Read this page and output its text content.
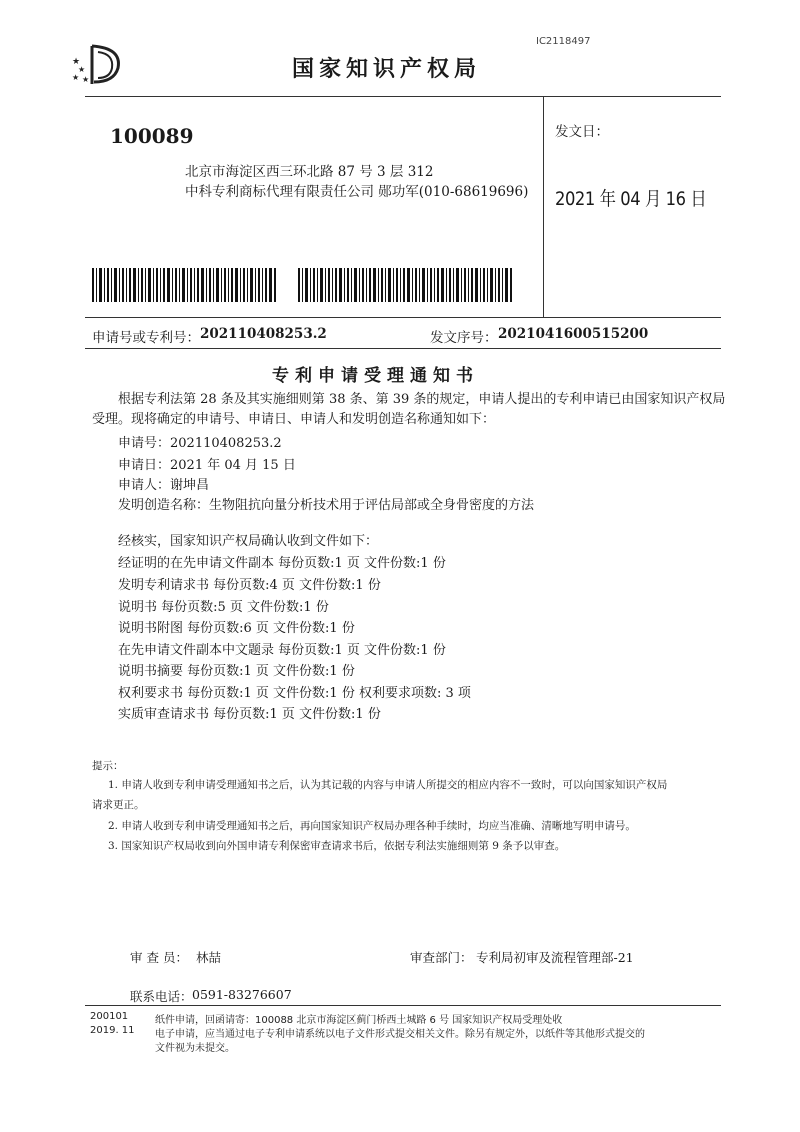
IC2118497
★
★
★ ★	国家知识产权局
100089
北京市海淀区西三环北路 87 号 3 层 312
中科专利商标代理有限责任公司 郧功军(010-68619696)
发文日：
2021 年 04 月 16 日
申请号或专利号： 202110408253.2	发文序号： 2021041600515200
专利申请受理通知书
根据专利法第 28 条及其实施细则第 38 条、第 39 条的规定，申请人提出的专利申请已由国家知识产权局
受理。现将确定的申请号、申请日、申请人和发明创造名称通知如下：
申请号：202110408253.2
申请日：2021 年 04 月 15 日
申请人：谢坤昌
发明创造名称：生物阻抗向量分析技术用于评估局部或全身骨密度的方法
经核实，国家知识产权局确认收到文件如下：
经证明的在先申请文件副本 每份页数:1 页 文件份数:1 份
发明专利请求书 每份页数:4 页 文件份数:1 份
说明书 每份页数:5 页 文件份数:1 份
说明书附图 每份页数:6 页 文件份数:1 份
在先申请文件副本中文题录 每份页数:1 页 文件份数:1 份
说明书摘要 每份页数:1 页 文件份数:1 份
权利要求书 每份页数:1 页 文件份数:1 份 权利要求项数: 3 项
实质审查请求书 每份页数:1 页 文件份数:1 份
提示：
1. 申请人收到专利申请受理通知书之后，认为其记载的内容与申请人所提交的相应内容不一致时，可以向国家知识产权局
请求更正。
2. 申请人收到专利申请受理通知书之后，再向国家知识产权局办理各种手续时，均应当准确、清晰地写明申请号。
3. 国家知识产权局收到向外国申请专利保密审查请求书后，依据专利法实施细则第 9 条予以审查。
审 查 员： 林喆	审查部门： 专利局初审及流程管理部-21
联系电话： 0591-83276607
200101
2019. 11
纸件申请，回函请寄：100088 北京市海淀区蓟门桥西土城路 6 号 国家知识产权局受理处收
电子申请，应当通过电子专利申请系统以电子文件形式提交相关文件。除另有规定外，以纸件等其他形式提交的
文件视为未提交。
